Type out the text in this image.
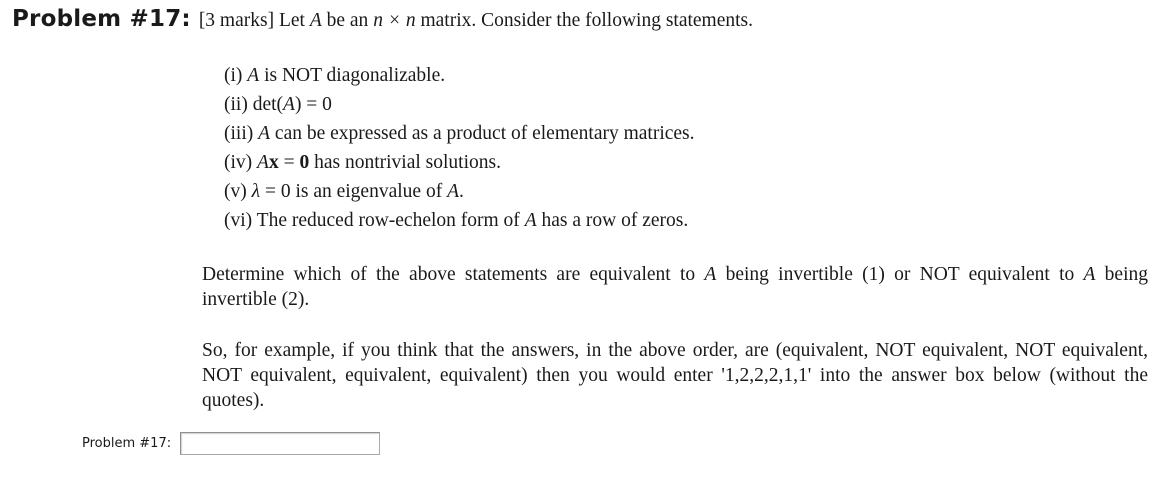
Problem #17: [3 marks] Let A be an n × n matrix. Consider the following statements.
(i) A is NOT diagonalizable.
(ii) det(A) = 0
(iii) A can be expressed as a product of elementary matrices.
(iv) Ax = 0 has nontrivial solutions.
(v) λ = 0 is an eigenvalue of A.
(vi) The reduced row-echelon form of A has a row of zeros.

Determine which of the above statements are equivalent to A being invertible (1) or NOT equivalent to A being invertible (2).

So, for example, if you think that the answers, in the above order, are (equivalent, NOT equivalent, NOT equivalent, NOT equivalent, equivalent, equivalent) then you would enter '1,2,2,2,1,1' into the answer box below (without the quotes).

Problem #17:
